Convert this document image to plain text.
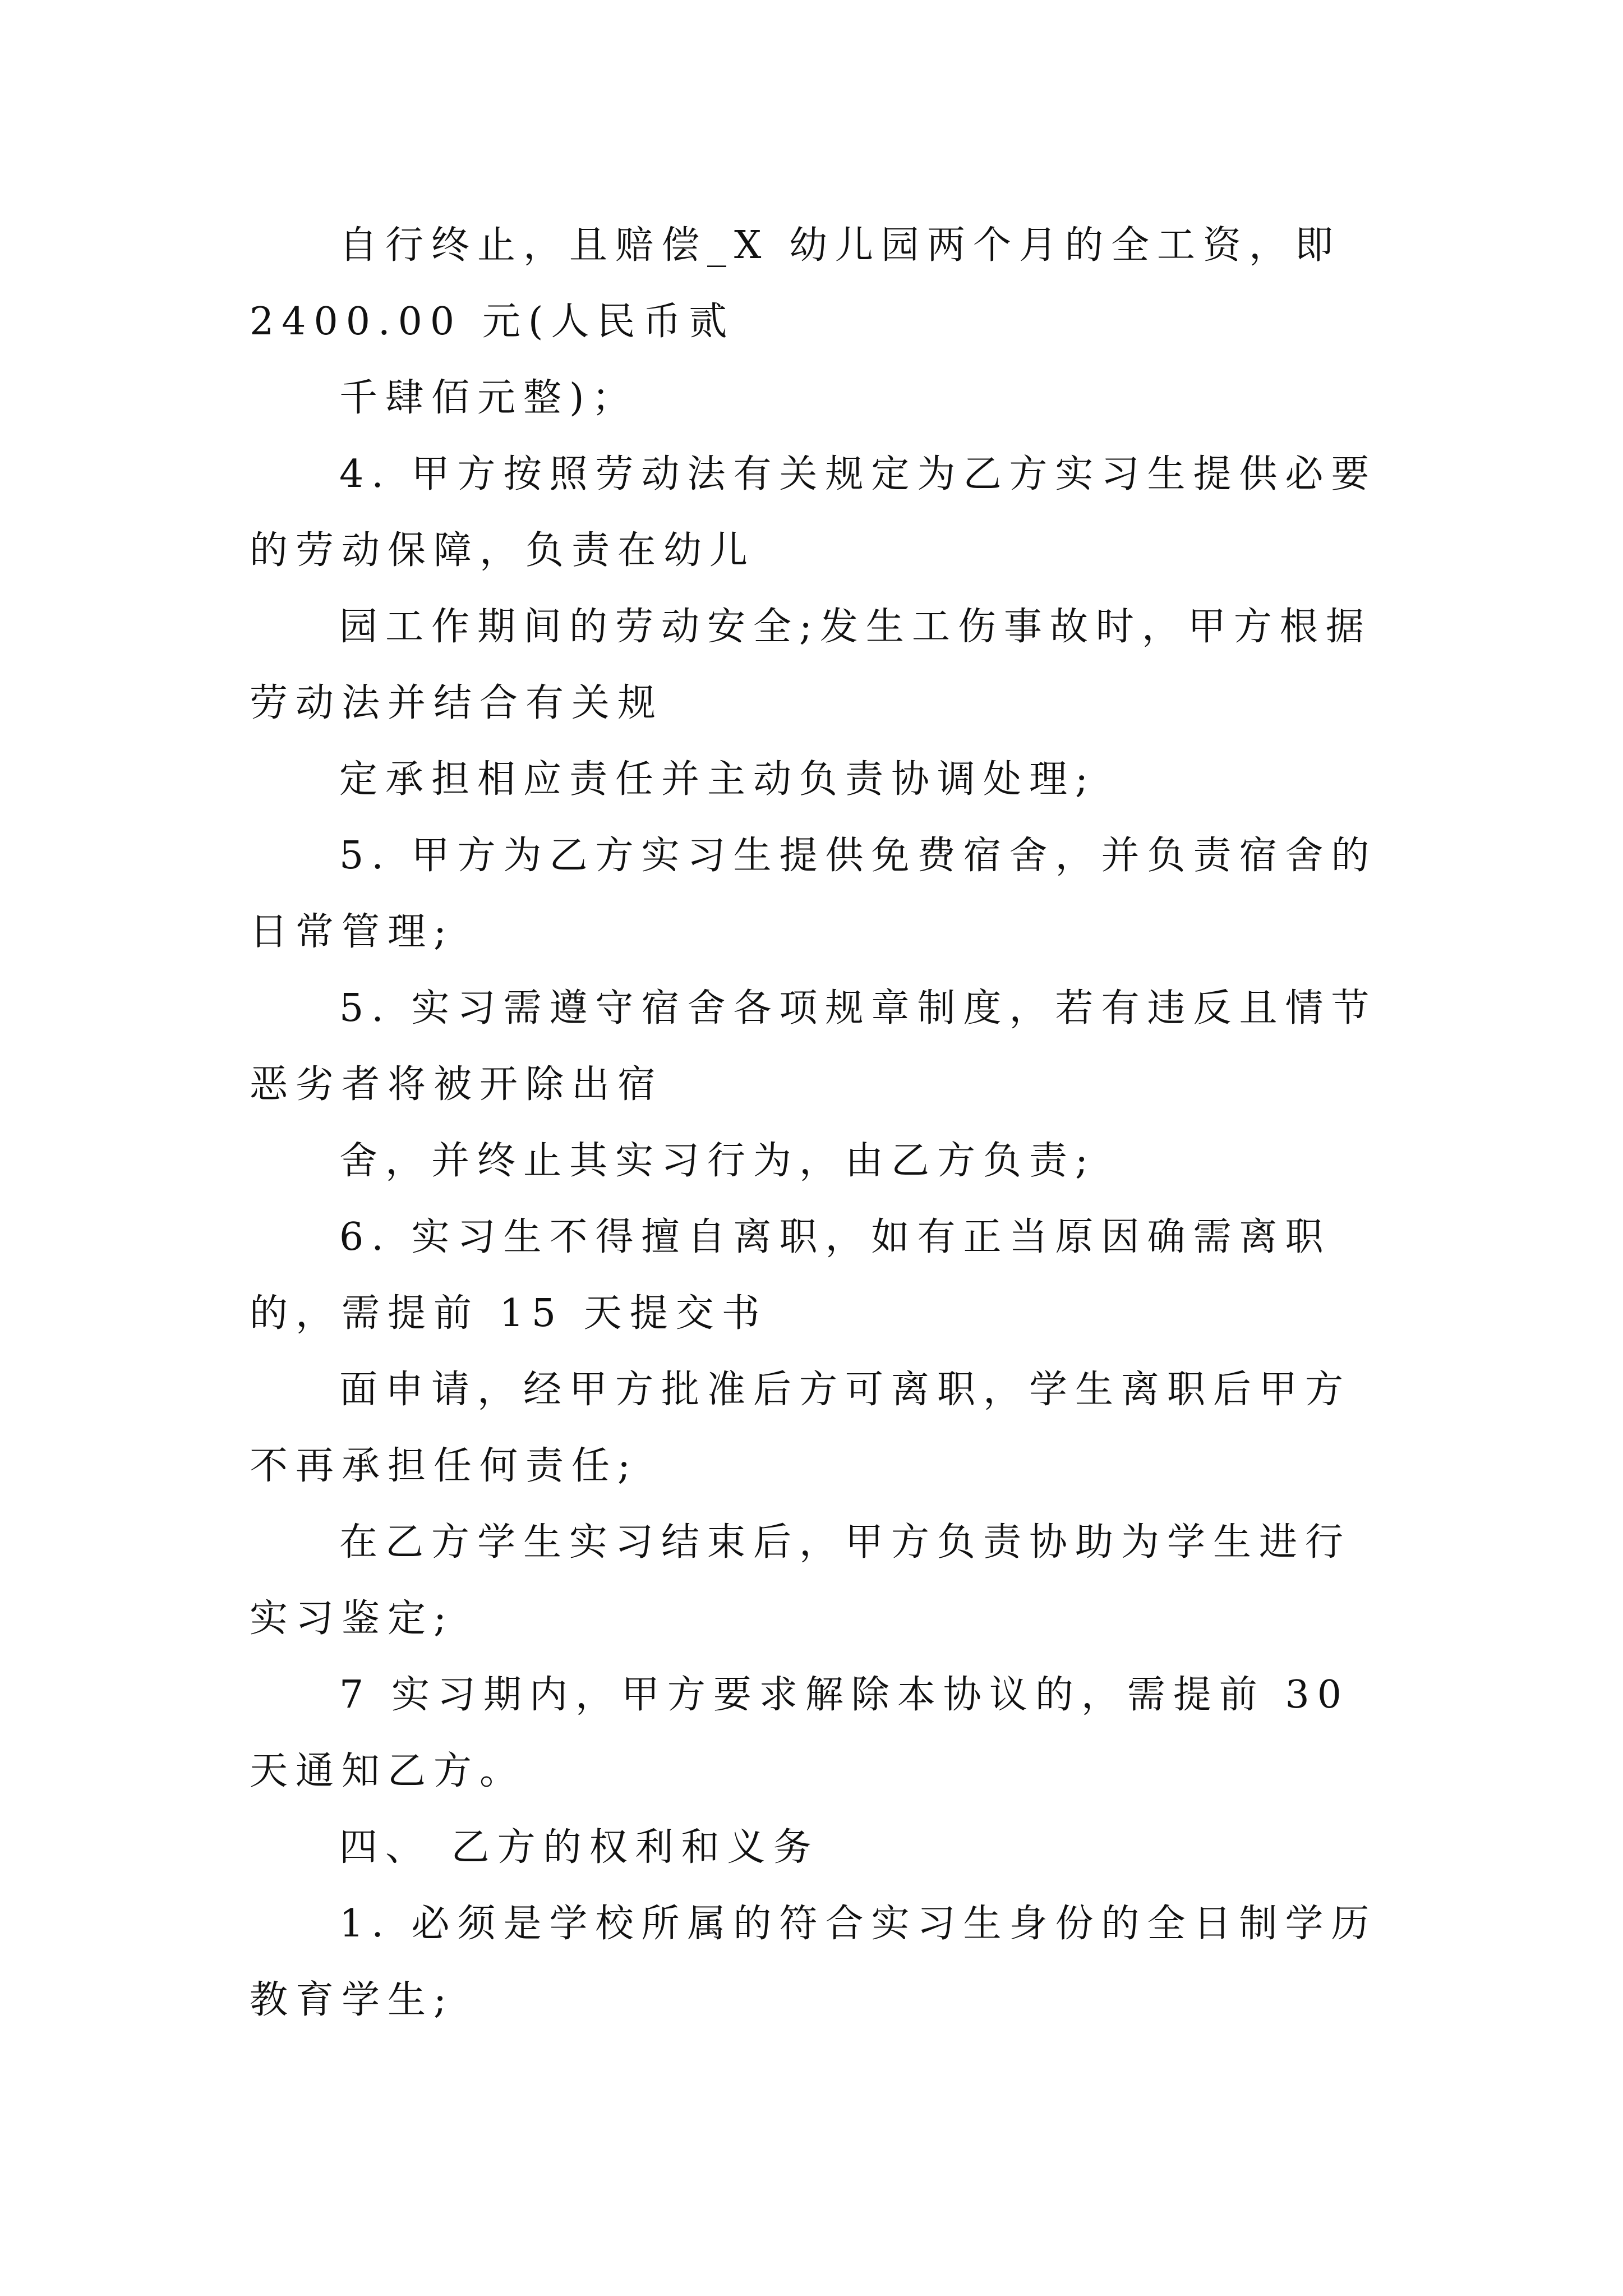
自行终止，且赔偿_X 幼儿园两个月的全工资，即 2400.00 元(人民币贰

千肆佰元整)；

4. 甲方按照劳动法有关规定为乙方实习生提供必要的劳动保障，负责在幼儿

园工作期间的劳动安全;发生工伤事故时，甲方根据劳动法并结合有关规

定承担相应责任并主动负责协调处理;

5. 甲方为乙方实习生提供免费宿舍，并负责宿舍的日常管理;

5. 实习需遵守宿舍各项规章制度，若有违反且情节恶劣者将被开除出宿

舍，并终止其实习行为，由乙方负责;

6. 实习生不得擅自离职，如有正当原因确需离职的，需提前 15 天提交书

面申请，经甲方批准后方可离职，学生离职后甲方不再承担任何责任;

在乙方学生实习结束后，甲方负责协助为学生进行实习鉴定;

7 实习期内，甲方要求解除本协议的，需提前 30 天通知乙方。

四、 乙方的权利和义务

1. 必须是学校所属的符合实习生身份的全日制学历教育学生;
